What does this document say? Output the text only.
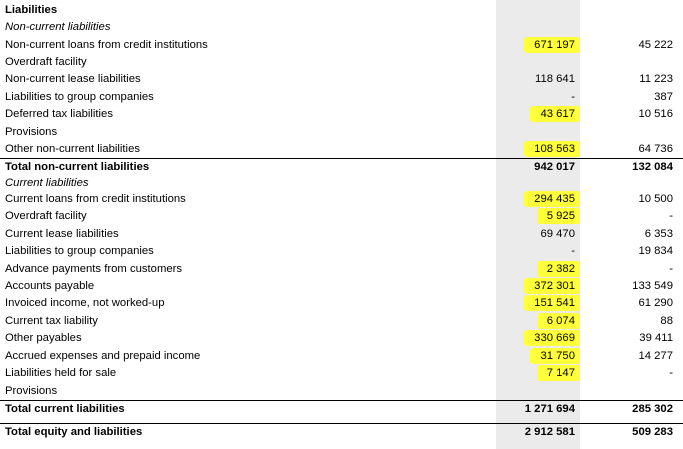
Liabilities
Non-current liabilities
Non-current loans from credit institutions	671 197	45 222
Overdraft facility
Non-current lease liabilities	118 641	11 223
Liabilities to group companies	-	387
Deferred tax liabilities	43 617	10 516
Provisions
Other non-current liabilities	108 563	64 736
Total non-current liabilities	942 017	132 084
Current liabilities
Current loans from credit institutions	294 435	10 500
Overdraft facility	5 925	-
Current lease liabilities	69 470	6 353
Liabilities to group companies	-	19 834
Advance payments from customers	2 382	-
Accounts payable	372 301	133 549
Invoiced income, not worked-up	151 541	61 290
Current tax liability	6 074	88
Other payables	330 669	39 411
Accrued expenses and prepaid income	31 750	14 277
Liabilities held for sale	7 147	-
Provisions
Total current liabilities	1 271 694	285 302
Total equity and liabilities	2 912 581	509 283
